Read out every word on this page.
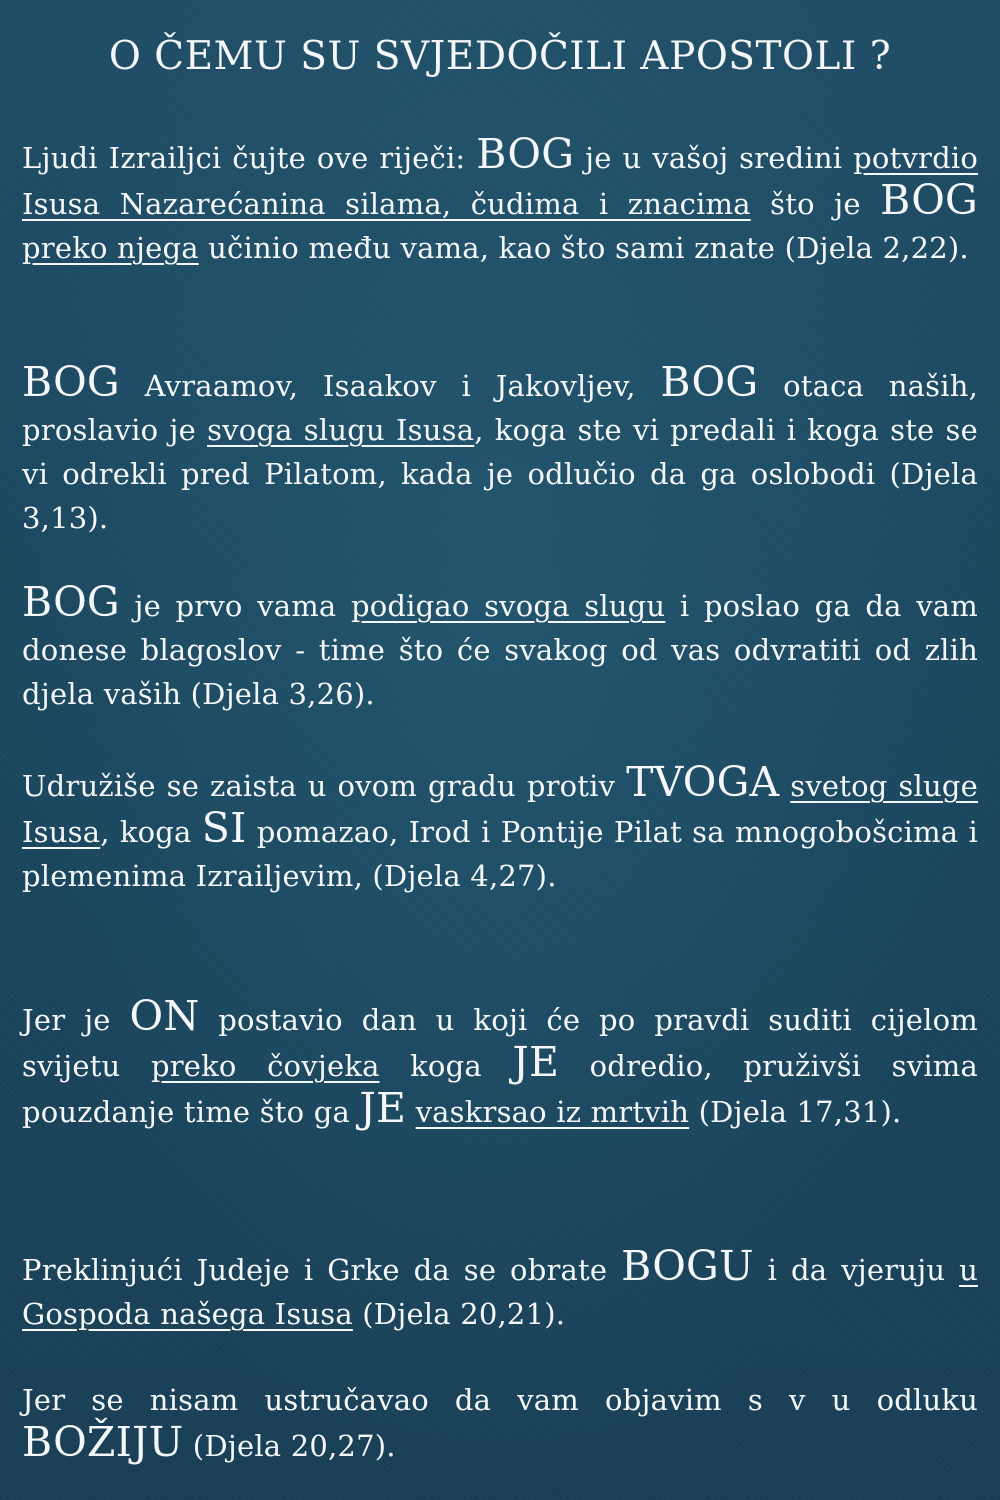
O ČEMU SU SVJEDOČILI APOSTOLI ?

Ljudi Izrailjci čujte ove riječi: BOG je u vašoj sredini potvrdio Isusa Nazarećanina silama, čudima i znacima što je BOG preko njega učinio među vama, kao što sami znate (Djela 2,22).

BOG Avraamov, Isaakov i Jakovljev, BOG otaca naših, proslavio je svoga slugu Isusa, koga ste vi predali i koga ste se vi odrekli pred Pilatom, kada je odlučio da ga oslobodi (Djela 3,13).

BOG je prvo vama podigao svoga slugu i poslao ga da vam donese blagoslov - time što će svakog od vas odvratiti od zlih djela vaših (Djela 3,26).

Udružiše se zaista u ovom gradu protiv TVOGA svetog sluge Isusa, koga SI pomazao, Irod i Pontije Pilat sa mnogobošсima i plemenima Izrailjevim, (Djela 4,27).

Jer je ON postavio dan u koji će po pravdi suditi cijelom svijetu preko čovjeka koga JE odredio, pruživši svima pouzdanje time što ga JE vaskrsao iz mrtvih (Djela 17,31).

Preklinjući Judeje i Grke da se obrate BOGU i da vjeruju u Gospoda našega Isusa (Djela 20,21).

Jer se nisam ustručavao da vam objavim s v u odluku BOŽIJU (Djela 20,27).
